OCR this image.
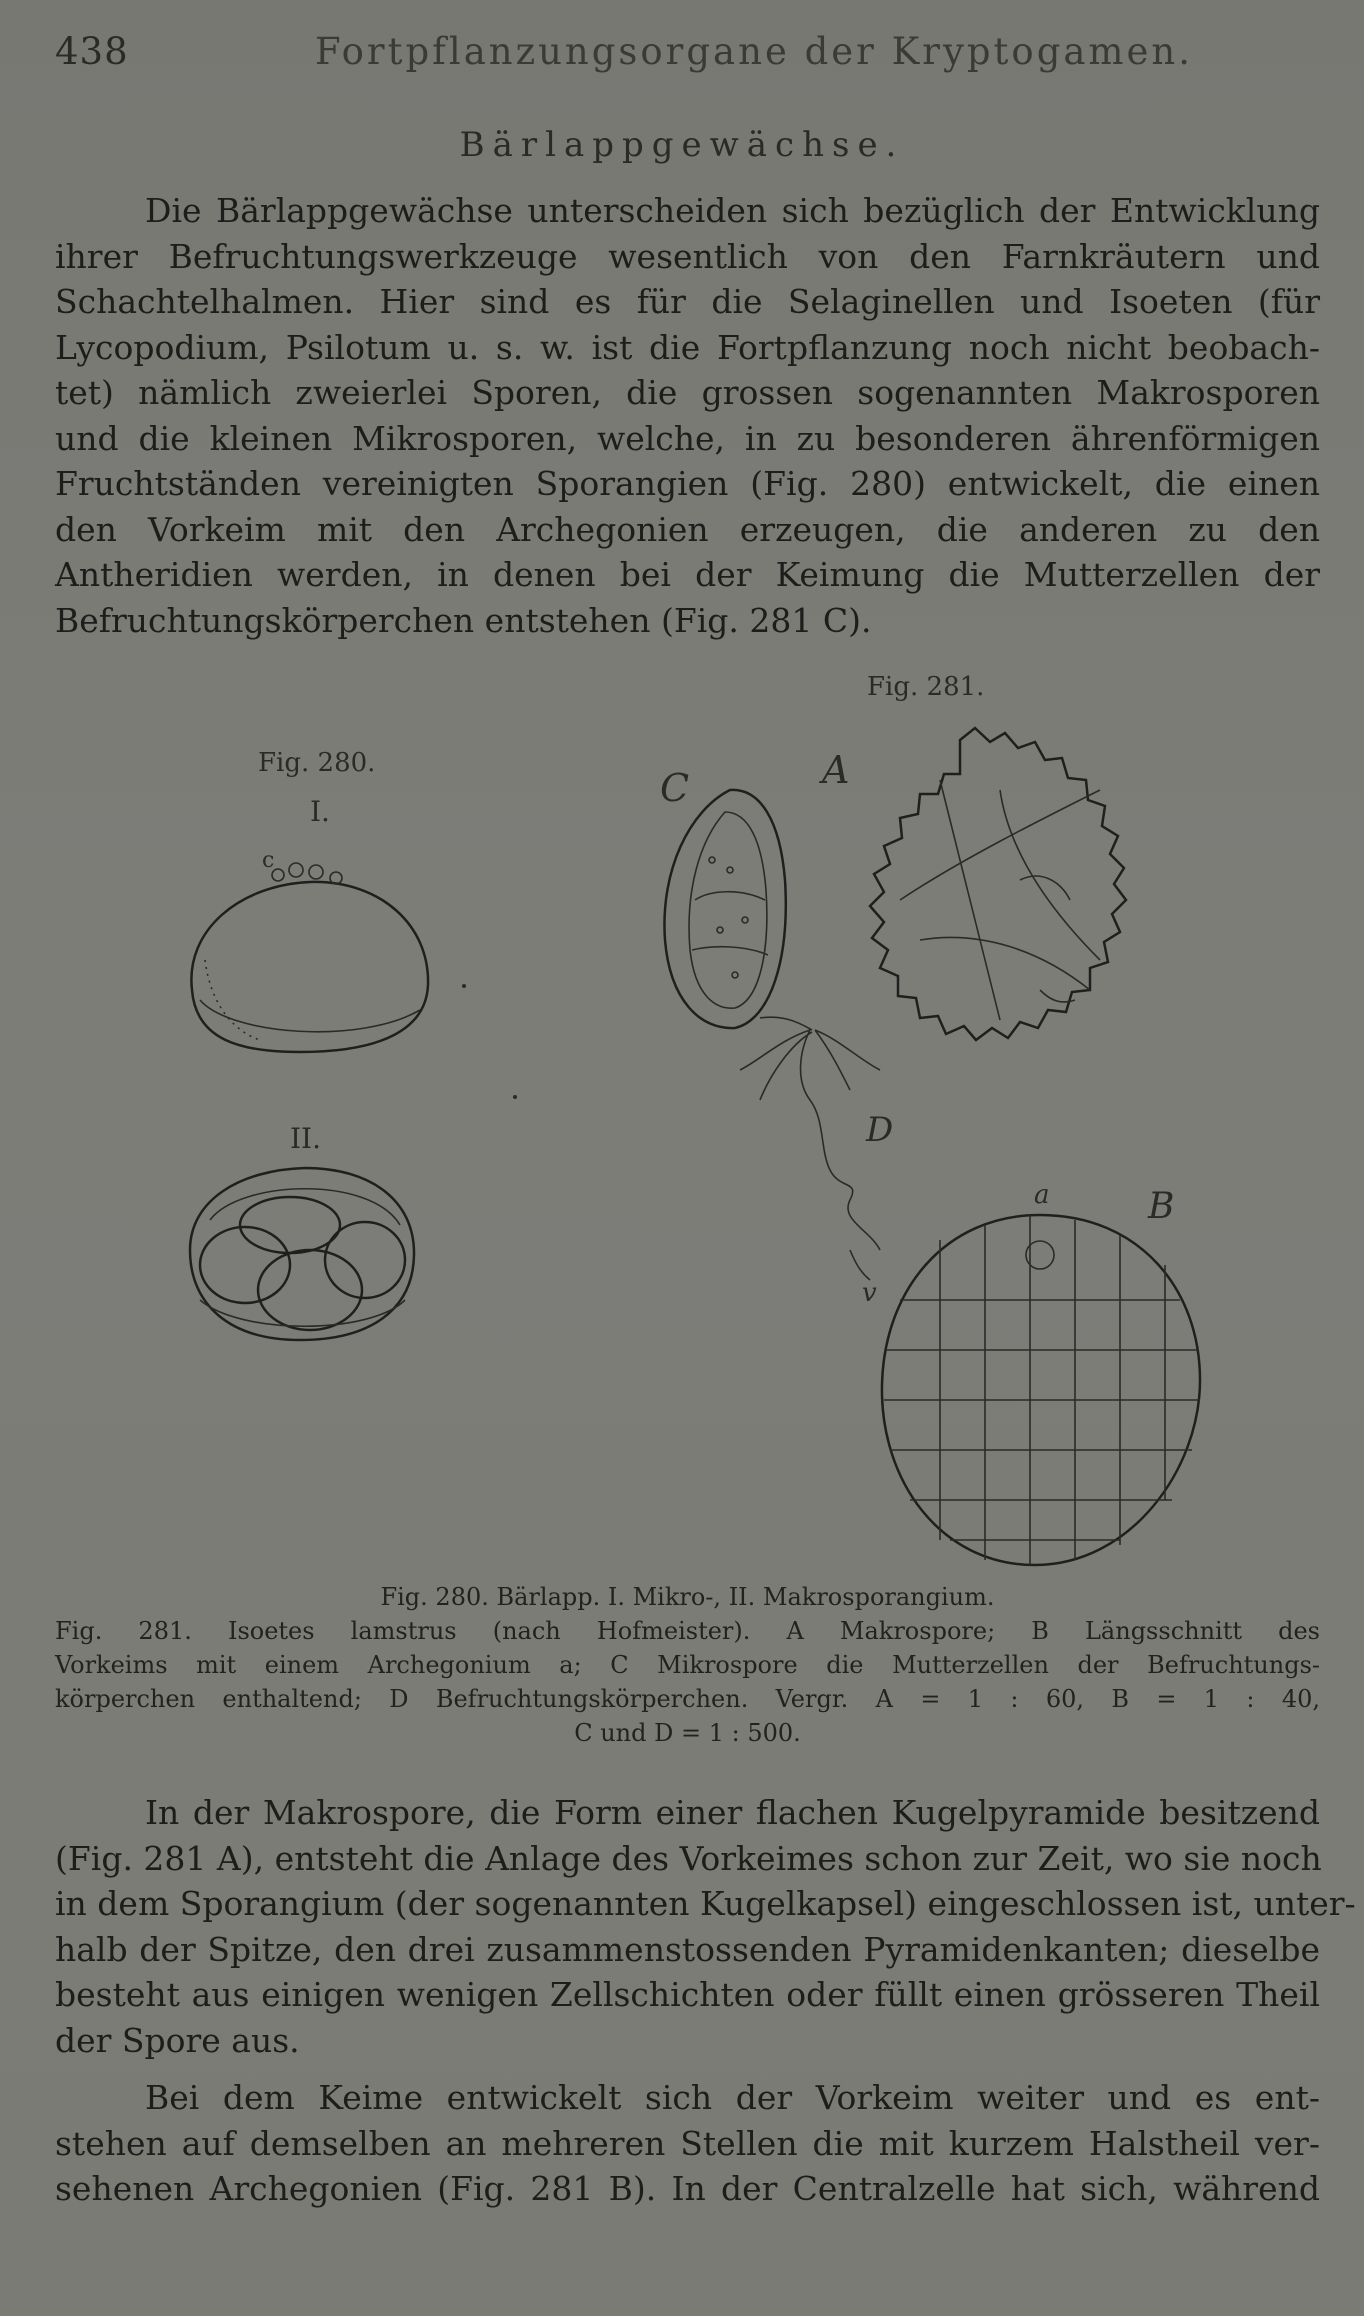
438	Fortpflanzungsorgane der Kryptogamen.
Bärlappgewächse.
Die Bärlappgewächse unterscheiden sich bezüglich der Entwicklung
ihrer Befruchtungswerkzeuge wesentlich von den Farnkräutern und
Schachtelhalmen. Hier sind es für die Selaginellen und Isoeten (für
Lycopodium, Psilotum u. s. w. ist die Fortpflanzung noch nicht beobach-
tet) nämlich zweierlei Sporen, die grossen sogenannten Makrosporen
und die kleinen Mikrosporen, welche, in zu besonderen ährenförmigen
Fruchtständen vereinigten Sporangien (Fig. 280) entwickelt, die einen
den Vorkeim mit den Archegonien erzeugen, die anderen zu den
Antheridien werden, in denen bei der Keimung die Mutterzellen der
Befruchtungskörperchen entstehen (Fig. 281 C).
Fig. 281.
Fig. 280.
I.
II.
c
C	A
D
a	B
v
Fig. 280. Bärlapp. I. Mikro-, II. Makrosporangium.
Fig. 281. Isoetes lamstrus (nach Hofmeister). A Makrospore; B Längsschnitt des
Vorkeims mit einem Archegonium a; C Mikrospore die Mutterzellen der Befruchtungs-
körperchen enthaltend; D Befruchtungskörperchen. Vergr. A = 1 : 60, B = 1 : 40,
C und D = 1 : 500.
In der Makrospore, die Form einer flachen Kugelpyramide besitzend
(Fig. 281 A), entsteht die Anlage des Vorkeimes schon zur Zeit, wo sie noch
in dem Sporangium (der sogenannten Kugelkapsel) eingeschlossen ist, unter-
halb der Spitze, den drei zusammenstossenden Pyramidenkanten; dieselbe
besteht aus einigen wenigen Zellschichten oder füllt einen grösseren Theil
der Spore aus.
Bei dem Keime entwickelt sich der Vorkeim weiter und es ent-
stehen auf demselben an mehreren Stellen die mit kurzem Halstheil ver-
sehenen Archegonien (Fig. 281 B). In der Centralzelle hat sich, während
